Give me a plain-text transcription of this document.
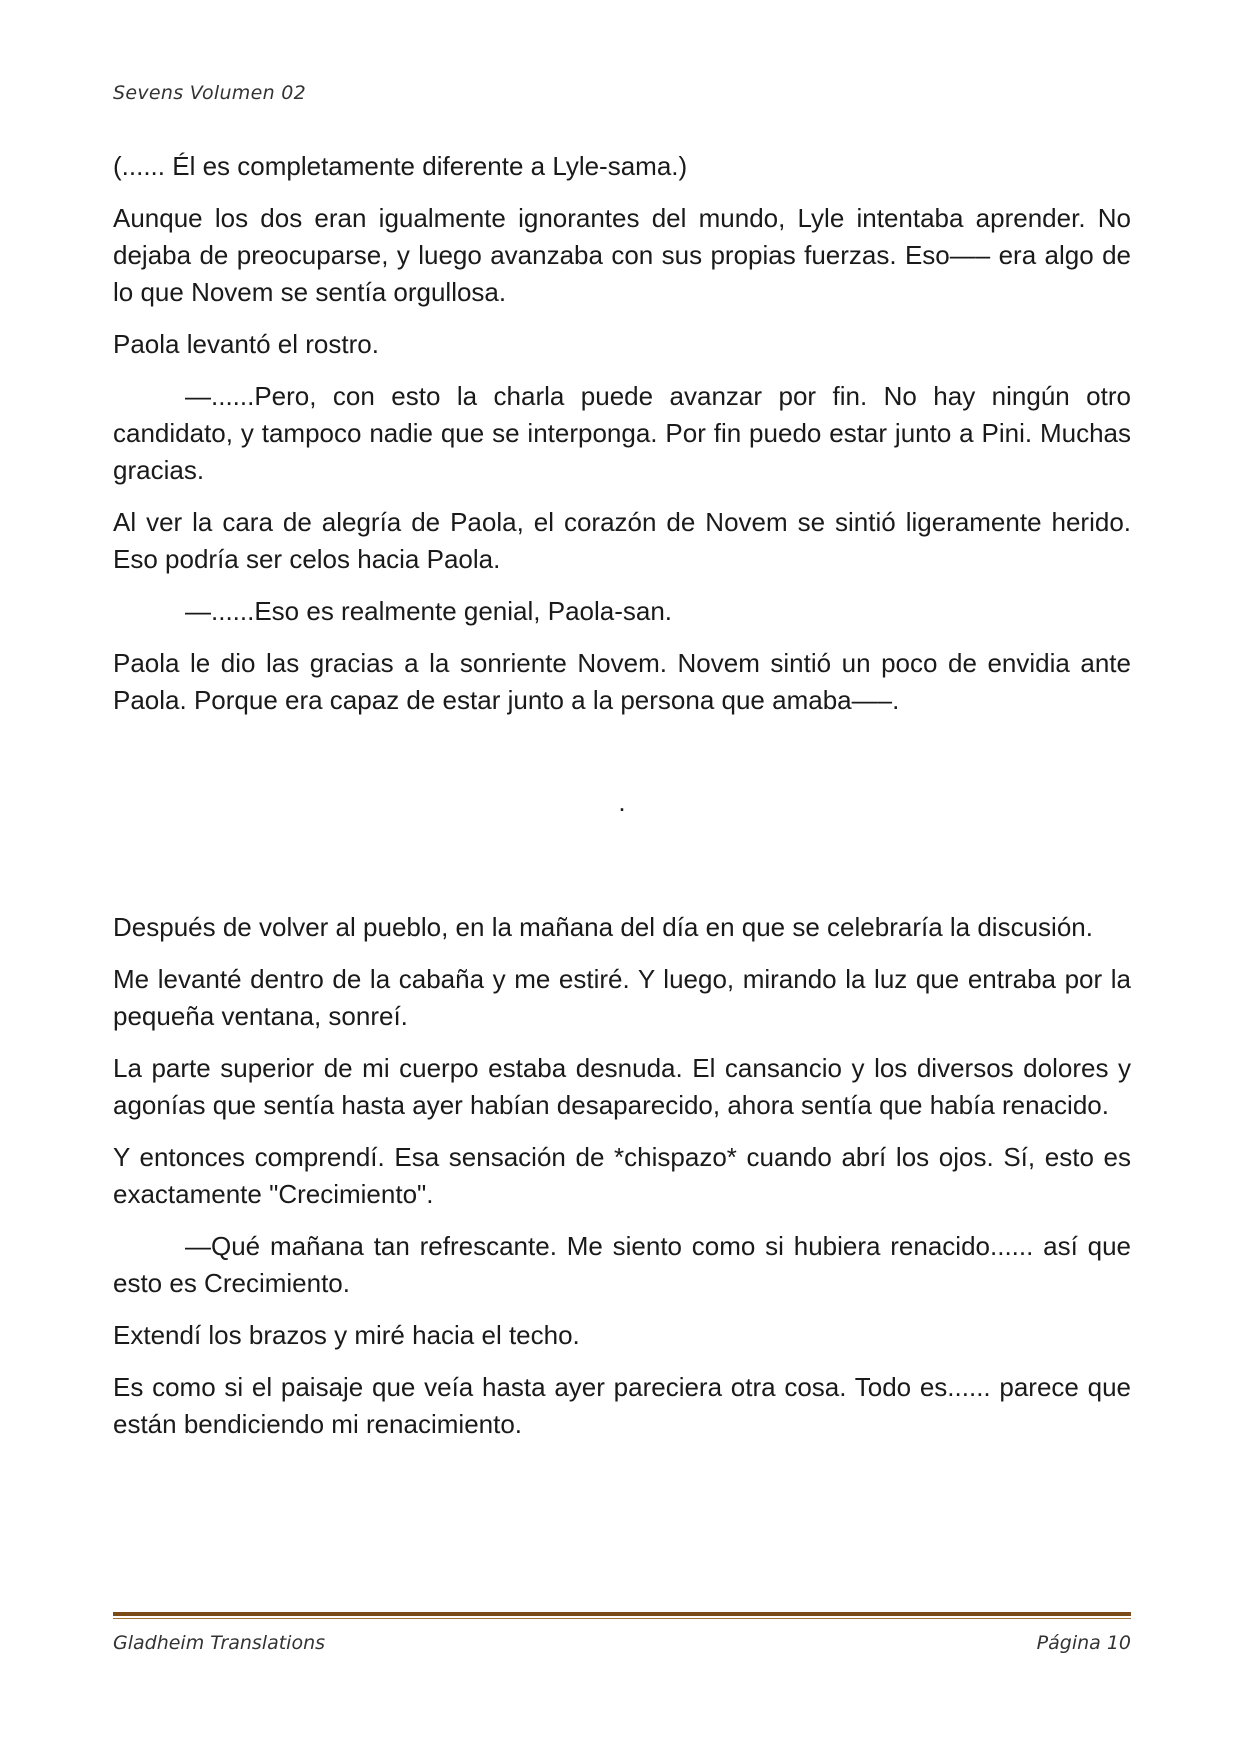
Sevens Volumen 02

(...... Él es completamente diferente a Lyle-sama.)

Aunque los dos eran igualmente ignorantes del mundo, Lyle intentaba aprender. No dejaba de preocuparse, y luego avanzaba con sus propias fuerzas. Eso—– era algo de lo que Novem se sentía orgullosa.

Paola levantó el rostro.

—......Pero, con esto la charla puede avanzar por fin. No hay ningún otro candidato, y tampoco nadie que se interponga. Por fin puedo estar junto a Pini. Muchas gracias.

Al ver la cara de alegría de Paola, el corazón de Novem se sintió ligeramente herido. Eso podría ser celos hacia Paola.

—......Eso es realmente genial, Paola-san.

Paola le dio las gracias a la sonriente Novem. Novem sintió un poco de envidia ante Paola. Porque era capaz de estar junto a la persona que amaba—–.

.

Después de volver al pueblo, en la mañana del día en que se celebraría la discusión.

Me levanté dentro de la cabaña y me estiré. Y luego, mirando la luz que entraba por la pequeña ventana, sonreí.

La parte superior de mi cuerpo estaba desnuda. El cansancio y los diversos dolores y agonías que sentía hasta ayer habían desaparecido, ahora sentía que había renacido.

Y entonces comprendí. Esa sensación de *chispazo* cuando abrí los ojos. Sí, esto es exactamente "Crecimiento".

—Qué mañana tan refrescante. Me siento como si hubiera renacido...... así que esto es Crecimiento.

Extendí los brazos y miré hacia el techo.

Es como si el paisaje que veía hasta ayer pareciera otra cosa. Todo es...... parece que están bendiciendo mi renacimiento.

Gladheim Translations	Página 10
